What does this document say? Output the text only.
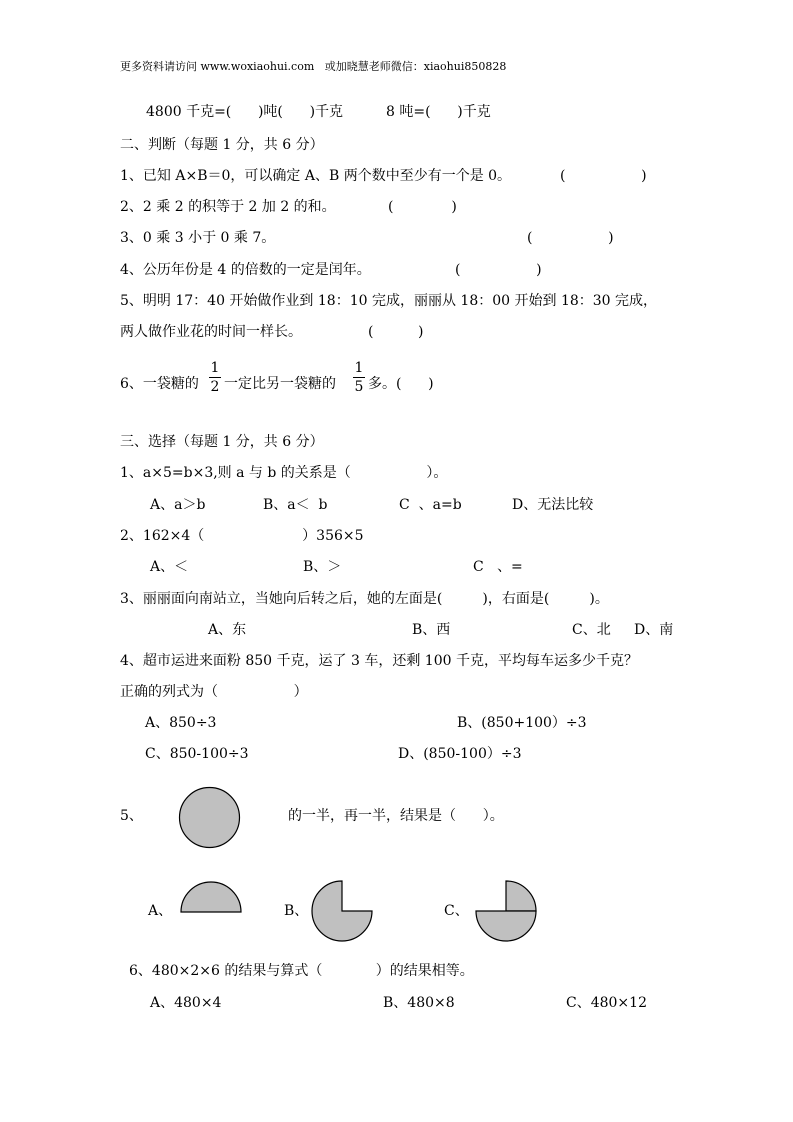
更多资料请访问 www.woxiaohui.com   或加晓慧老师微信：xiaohui850828
4800 千克=(      )吨(      )千克	8 吨=(      )千克
二、判断（每题 1 分，共 6 分）
1、已知 A×B＝0，可以确定 A、B 两个数中至少有一个是 0。	(                 )
2、2 乘 2 的积等于 2 加 2 的和。	(             )
3、0 乘 3 小于 0 乘 7。	(                 )
4、公历年份是 4 的倍数的一定是闰年。	(                 )
5、明明 17：40 开始做作业到 18：10 完成，丽丽从 18：00 开始到 18：30 完成，
两人做作业花的时间一样长。	(          )
6、一袋糖的
1
2 一定比另一袋糖的
1
5 多。(      )
三、选择（每题 1 分，共 6 分）
1、a×5=b×3,则 a 与 b 的关系是（                 ）。
A、a＞b	B、a＜  b	C  、a=b	D、无法比较
2、162×4（                      ）356×5
A、＜	B、＞	C   、=
3、丽丽面向南站立，当她向后转之后，她的左面是(         )，右面是(         )。
A、东	B、西	C、北 D、南
4、超市运进来面粉 850 千克，运了 3 车，还剩 100 千克，平均每车运多少千克？
正确的列式为（                 ）
A、850÷3	B、(850+100）÷3
C、850-100÷3	D、(850-100）÷3
5、	的一半，再一半，结果是（      ）。
A、	B、	C、
6、480×2×6 的结果与算式（            ）的结果相等。
A、480×4	B、480×8	C、480×12
